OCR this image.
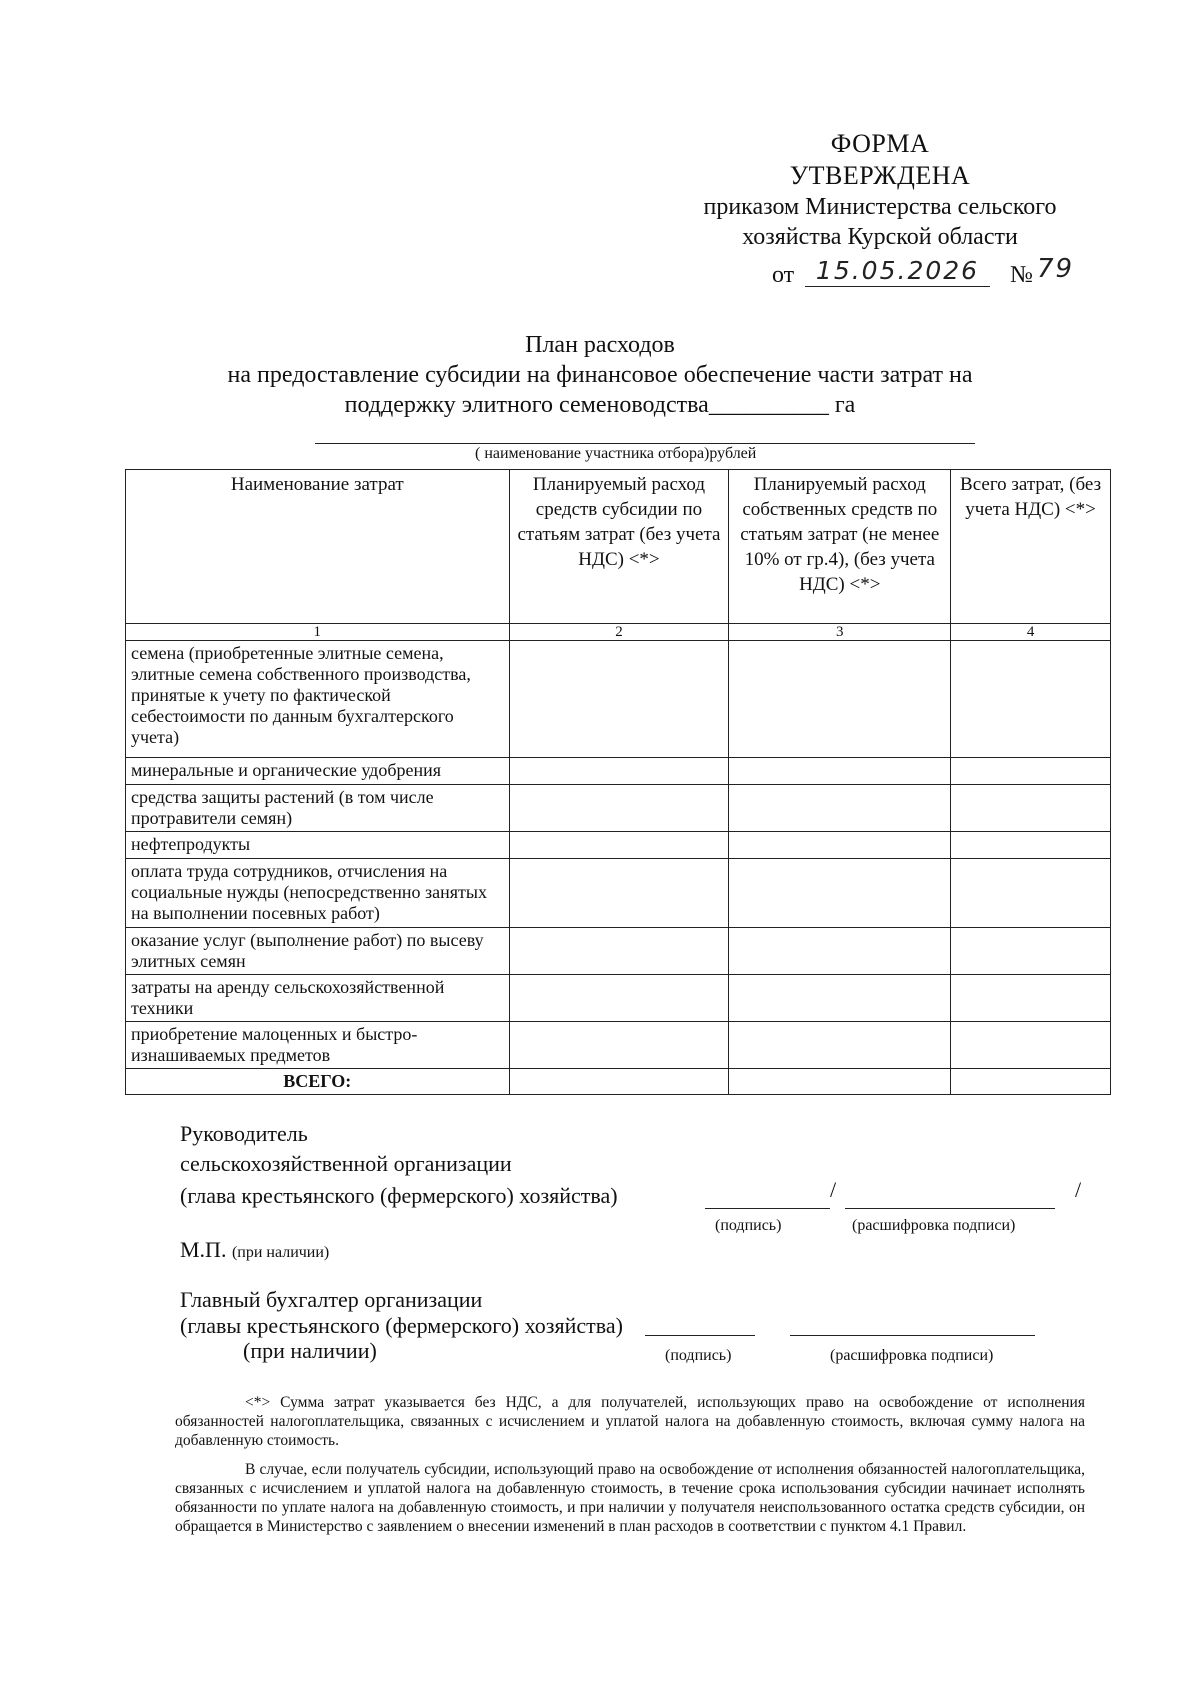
ФОРМА
УТВЕРЖДЕНА
приказом Министерства сельского
хозяйства Курской области
от 15.05.2026	№ 79
План расходов
на предоставление субсидии на финансовое обеспечение части затрат на
поддержку элитного семеноводства__________ га
( наименование участника отбора)рублей
Наименование затрат	Планируемый расход средств субсидии по статьям затрат (без учета НДС) <*>	Планируемый расход собственных средств по статьям затрат (не менее 10% от гр.4), (без учета НДС) <*>	Всего затрат, (без учета НДС) <*>
1	2	3	4
семена (приобретенные элитные семена, элитные семена собственного производства, принятые к учету по фактической себестоимости по данным бухгалтерского учета)			
минеральные и органические удобрения			
средства защиты растений (в том числе протравители семян)			
нефтепродукты			
оплата труда сотрудников, отчисления на социальные нужды (непосредственно занятых на выполнении посевных работ)			
оказание услуг (выполнение работ) по высеву элитных семян			
затраты на аренду сельскохозяйственной техники			
приобретение малоценных и быстро-изнашиваемых предметов			
ВСЕГО:			
Руководитель
сельскохозяйственной организации
(глава крестьянского (фермерского) хозяйства)	/	/
(подпись)	(расшифровка подписи)
М.П. (при наличии)
Главный бухгалтер организации
(главы крестьянского (фермерского) хозяйства)
(при наличии)	(подпись)	(расшифровка подписи)
<*> Сумма затрат указывается без НДС, а для получателей, использующих право на освобождение от исполнения обязанностей налогоплательщика, связанных с исчислением и уплатой налога на добавленную стоимость, включая сумму налога на добавленную стоимость.
В случае, если получатель субсидии, использующий право на освобождение от исполнения обязанностей налогоплательщика, связанных с исчислением и уплатой налога на добавленную стоимость, в течение срока использования субсидии начинает исполнять обязанности по уплате налога на добавленную стоимость, и при наличии у получателя неиспользованного остатка средств субсидии, он обращается в Министерство с заявлением о внесении изменений в план расходов в соответствии с пунктом 4.1 Правил.
